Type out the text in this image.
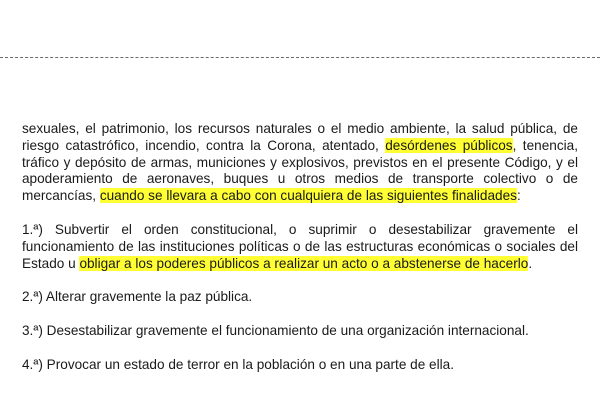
sexuales, el patrimonio, los recursos naturales o el medio ambiente, la salud pública, de riesgo catastrófico, incendio, contra la Corona, atentado, desórdenes públicos, tenencia, tráfico y depósito de armas, municiones y explosivos, previstos en el presente Código, y el apoderamiento de aeronaves, buques u otros medios de transporte colectivo o de mercancías, cuando se llevara a cabo con cualquiera de las siguientes finalidades:

1.ª) Subvertir el orden constitucional, o suprimir o desestabilizar gravemente el funcionamiento de las instituciones políticas o de las estructuras económicas o sociales del Estado u obligar a los poderes públicos a realizar un acto o a abstenerse de hacerlo.

2.ª) Alterar gravemente la paz pública.

3.ª) Desestabilizar gravemente el funcionamiento de una organización internacional.

4.ª) Provocar un estado de terror en la población o en una parte de ella.
